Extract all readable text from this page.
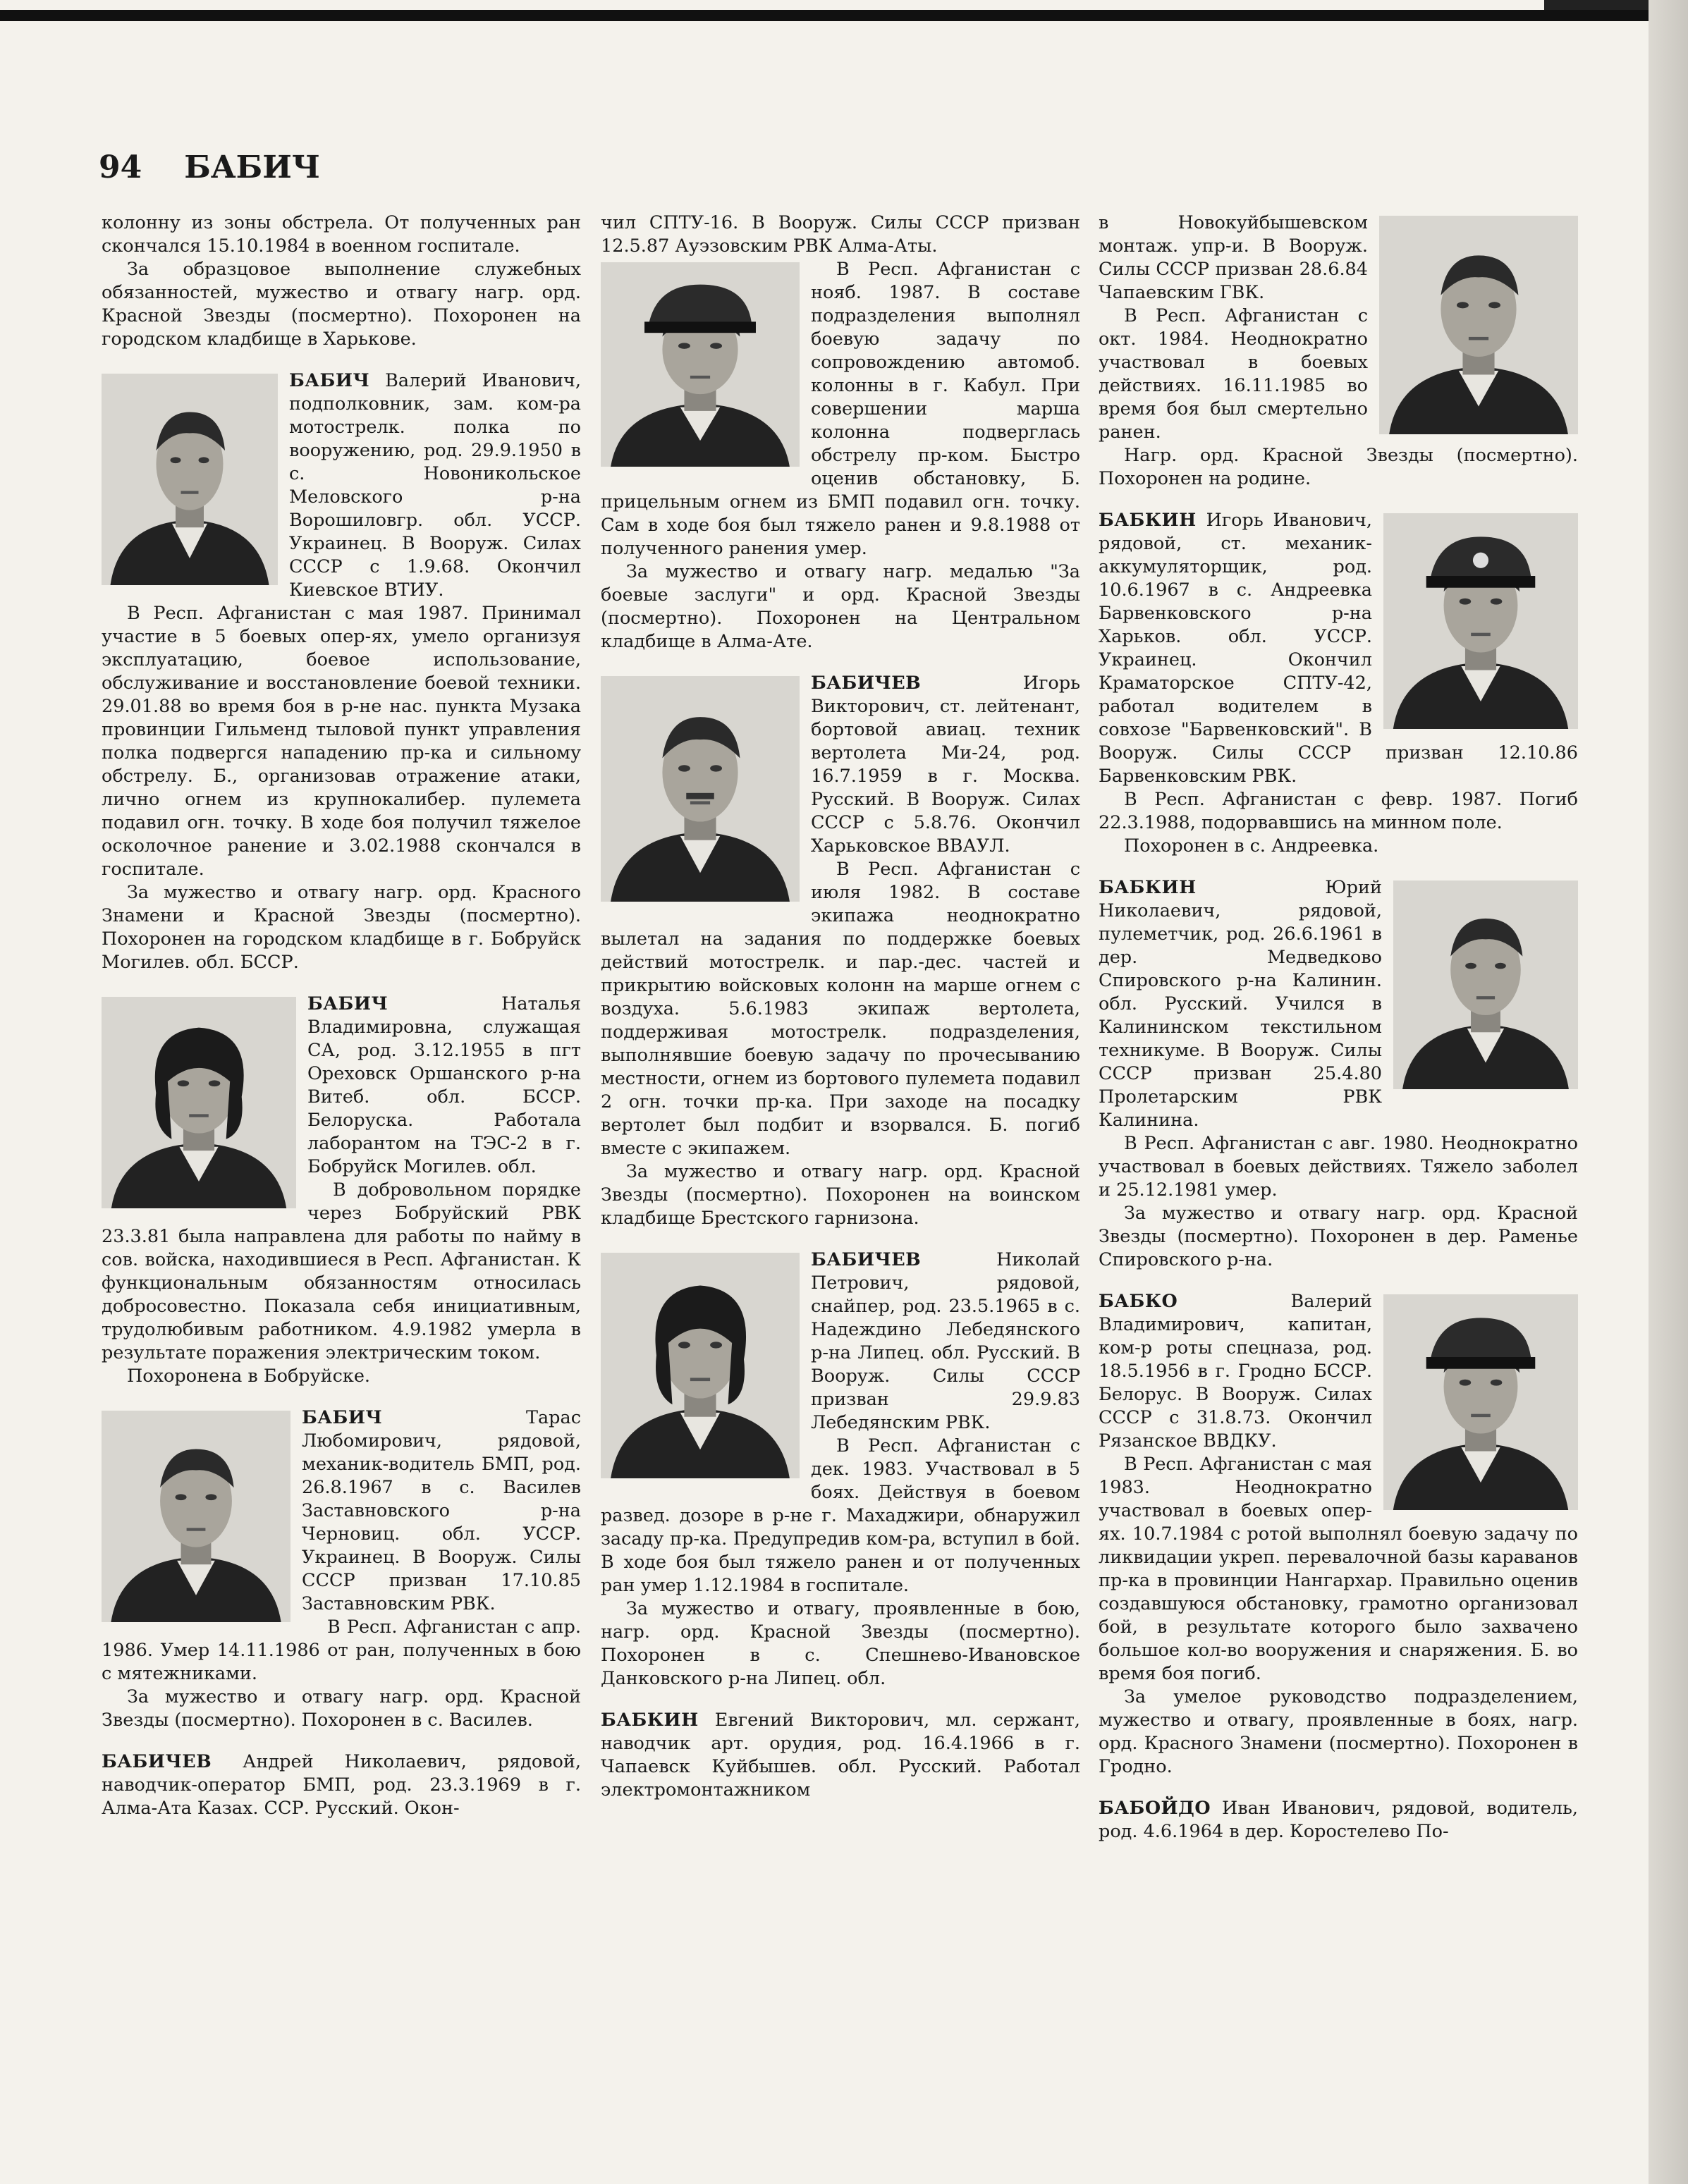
94 БАБИЧ

колонну из зоны обстрела. От полученных ран скончался 15.10.1984 в военном госпитале.

За образцовое выполнение служебных обязанностей, мужество и отвагу нагр. орд. Красной Звезды (посмертно). Похоронен на городском кладбище в Харькове.

БАБИЧ Валерий Иванович, подполковник, зам. ком-ра мотострелк. полка по вооружению, род. 29.9.1950 в с. Новоникольское Меловского р-на Ворошиловгр. обл. УССР. Украинец. В Вооруж. Силах СССР с 1.9.68. Окончил Киевское ВТИУ.

В Респ. Афганистан с мая 1987. Принимал участие в 5 боевых опер-ях, умело организуя эксплуатацию, боевое использование, обслуживание и восстановление боевой техники. 29.01.88 во время боя в р-не нас. пункта Музака провинции Гильменд тыловой пункт управления полка подвергся нападению пр-ка и сильному обстрелу. Б., организовав отражение атаки, лично огнем из крупнокалибер. пулемета подавил огн. точку. В ходе боя получил тяжелое осколочное ранение и 3.02.1988 скончался в госпитале.

За мужество и отвагу нагр. орд. Красного Знамени и Красной Звезды (посмертно). Похоронен на городском кладбище в г. Бобруйск Могилев. обл. БССР.

БАБИЧ	Наталья Владимировна, служащая СА, род. 3.12.1955 в пгт Ореховск Оршанского р-на Витеб. обл. БССР. Белоруска. Работала лаборантом на ТЭС-2 в г. Бобруйск Могилев. обл.

В добровольном порядке через Бобруйский РВК 23.3.81 была направлена для работы по найму в сов. войска, находившиеся в Респ. Афганистан. К функциональным обязанностям относилась добросовестно. Показала себя инициативным, трудолюбивым работником. 4.9.1982 умерла в результате поражения электрическим током.

Похоронена в Бобруйске.

БАБИЧ	Тарас Любомирович, рядовой, механик-водитель БМП, род. 26.8.1967 в с. Василев Заставновского р-на Черновиц. обл. УССР. Украинец. В Вооруж. Силы СССР призван 17.10.85 Заставновским РВК.

В Респ. Афганистан с апр. 1986. Умер 14.11.1986 от ран, полученных в бою с мятежниками.

За мужество и отвагу нагр. орд. Красной Звезды (посмертно). Похоронен в с. Василев.

БАБИЧЕВ Андрей Николаевич, рядовой, наводчик-оператор БМП, род. 23.3.1969 в г. Алма-Ата Казах. ССР. Русский. Окон-

чил СПТУ-16. В Вооруж. Силы СССР призван 12.5.87 Ауэзовским РВК Алма-Аты.

В Респ. Афганистан с нояб. 1987. В составе подразделения выполнял боевую задачу по сопровождению автомоб. колонны в г. Кабул. При совершении марша колонна подверглась обстрелу пр-ком. Быстро оценив обстановку, Б. прицельным огнем из БМП подавил огн. точку. Сам в ходе боя был тяжело ранен и 9.8.1988 от полученного ранения умер.

За мужество и отвагу нагр. медалью "За боевые заслуги" и орд. Красной Звезды (посмертно). Похоронен на Центральном кладбище в Алма-Ате.

БАБИЧЕВ	Игорь Викторович, ст. лейтенант, бортовой авиац. техник вертолета Ми-24, род. 16.7.1959 в г. Москва. Русский. В Вооруж. Силах СССР с 5.8.76. Окончил Харьковское ВВАУЛ.

В Респ. Афганистан с июля 1982. В составе экипажа неоднократно вылетал на задания по поддержке боевых действий мотострелк. и пар.-дес. частей и прикрытию войсковых колонн на марше огнем с воздуха. 5.6.1983 экипаж вертолета, поддерживая мотострелк. подразделения, выполнявшие боевую задачу по прочесыванию местности, огнем из бортового пулемета подавил 2 огн. точки пр-ка. При заходе на посадку вертолет был подбит и взорвался. Б. погиб вместе с экипажем.

За мужество и отвагу нагр. орд. Красной Звезды (посмертно). Похоронен на воинском кладбище Брестского гарнизона.

БАБИЧЕВ	Николай Петрович, рядовой, снайпер, род. 23.5.1965 в с. Надеждино Лебедянского р-на Липец. обл. Русский. В Вооруж. Силы СССР призван 29.9.83 Лебедянским РВК.

В Респ. Афганистан с дек. 1983. Участвовал в 5 боях. Действуя в боевом развед. дозоре в р-не г. Махаджири, обнаружил засаду пр-ка. Предупредив ком-ра, вступил в бой. В ходе боя был тяжело ранен и от полученных ран умер 1.12.1984 в госпитале.

За мужество и отвагу, проявленные в бою, нагр. орд. Красной Звезды (посмертно). Похоронен в с. Спешнево-Ивановское Данковского р-на Липец. обл.

БАБКИН Евгений Викторович, мл. сержант, наводчик арт. орудия, род. 16.4.1966 в г. Чапаевск Куйбышев. обл. Русский. Работал электромонтажником

в Новокуйбышевском монтаж. упр-и. В Вооруж. Силы СССР призван 28.6.84 Чапаевским ГВК.

В Респ. Афганистан с окт. 1984. Неоднократно участвовал в боевых действиях. 16.11.1985 во время боя был смертельно ранен.

Нагр. орд. Красной Звезды (посмертно). Похоронен на родине.

БАБКИН Игорь Иванович, рядовой, ст. механик-аккумуляторщик, род. 10.6.1967 в с. Андреевка Барвенковского р-на Харьков. обл. УССР. Украинец. Окончил Краматорское СПТУ-42, работал водителем в совхозе "Барвенковский". В Вооруж. Силы СССР призван 12.10.86 Барвенковским РВК.

В Респ. Афганистан с февр. 1987. Погиб 22.3.1988, подорвавшись на минном поле.

Похоронен в с. Андреевка.

БАБКИН	Юрий Николаевич, рядовой, пулеметчик, род. 26.6.1961 в дер. Медведково Спировского р-на Калинин. обл. Русский. Учился в Калининском текстильном техникуме. В Вооруж. Силы СССР призван 25.4.80 Пролетарским РВК Калинина.

В Респ. Афганистан с авг. 1980. Неоднократно участвовал в боевых действиях. Тяжело заболел и 25.12.1981 умер.

За мужество и отвагу нагр. орд. Красной Звезды (посмертно). Похоронен в дер. Раменье Спировского р-на.

БАБКО	Валерий Владимирович, капитан, ком-р роты спецназа, род. 18.5.1956 в г. Гродно БССР. Белорус. В Вооруж. Силах СССР с 31.8.73. Окончил Рязанское ВВДКУ.

В Респ. Афганистан с мая 1983. Неоднократно участвовал в боевых опер-ях. 10.7.1984 с ротой выполнял боевую задачу по ликвидации укреп. перевалочной базы караванов пр-ка в провинции Нангархар. Правильно оценив создавшуюся обстановку, грамотно организовал бой, в результате которого было захвачено большое кол-во вооружения и снаряжения. Б. во время боя погиб.

За умелое руководство подразделением, мужество и отвагу, проявленные в боях, нагр. орд. Красного Знамени (посмертно). Похоронен в Гродно.

БАБОЙДО Иван Иванович, рядовой, водитель, род. 4.6.1964 в дер. Коростелево По-
